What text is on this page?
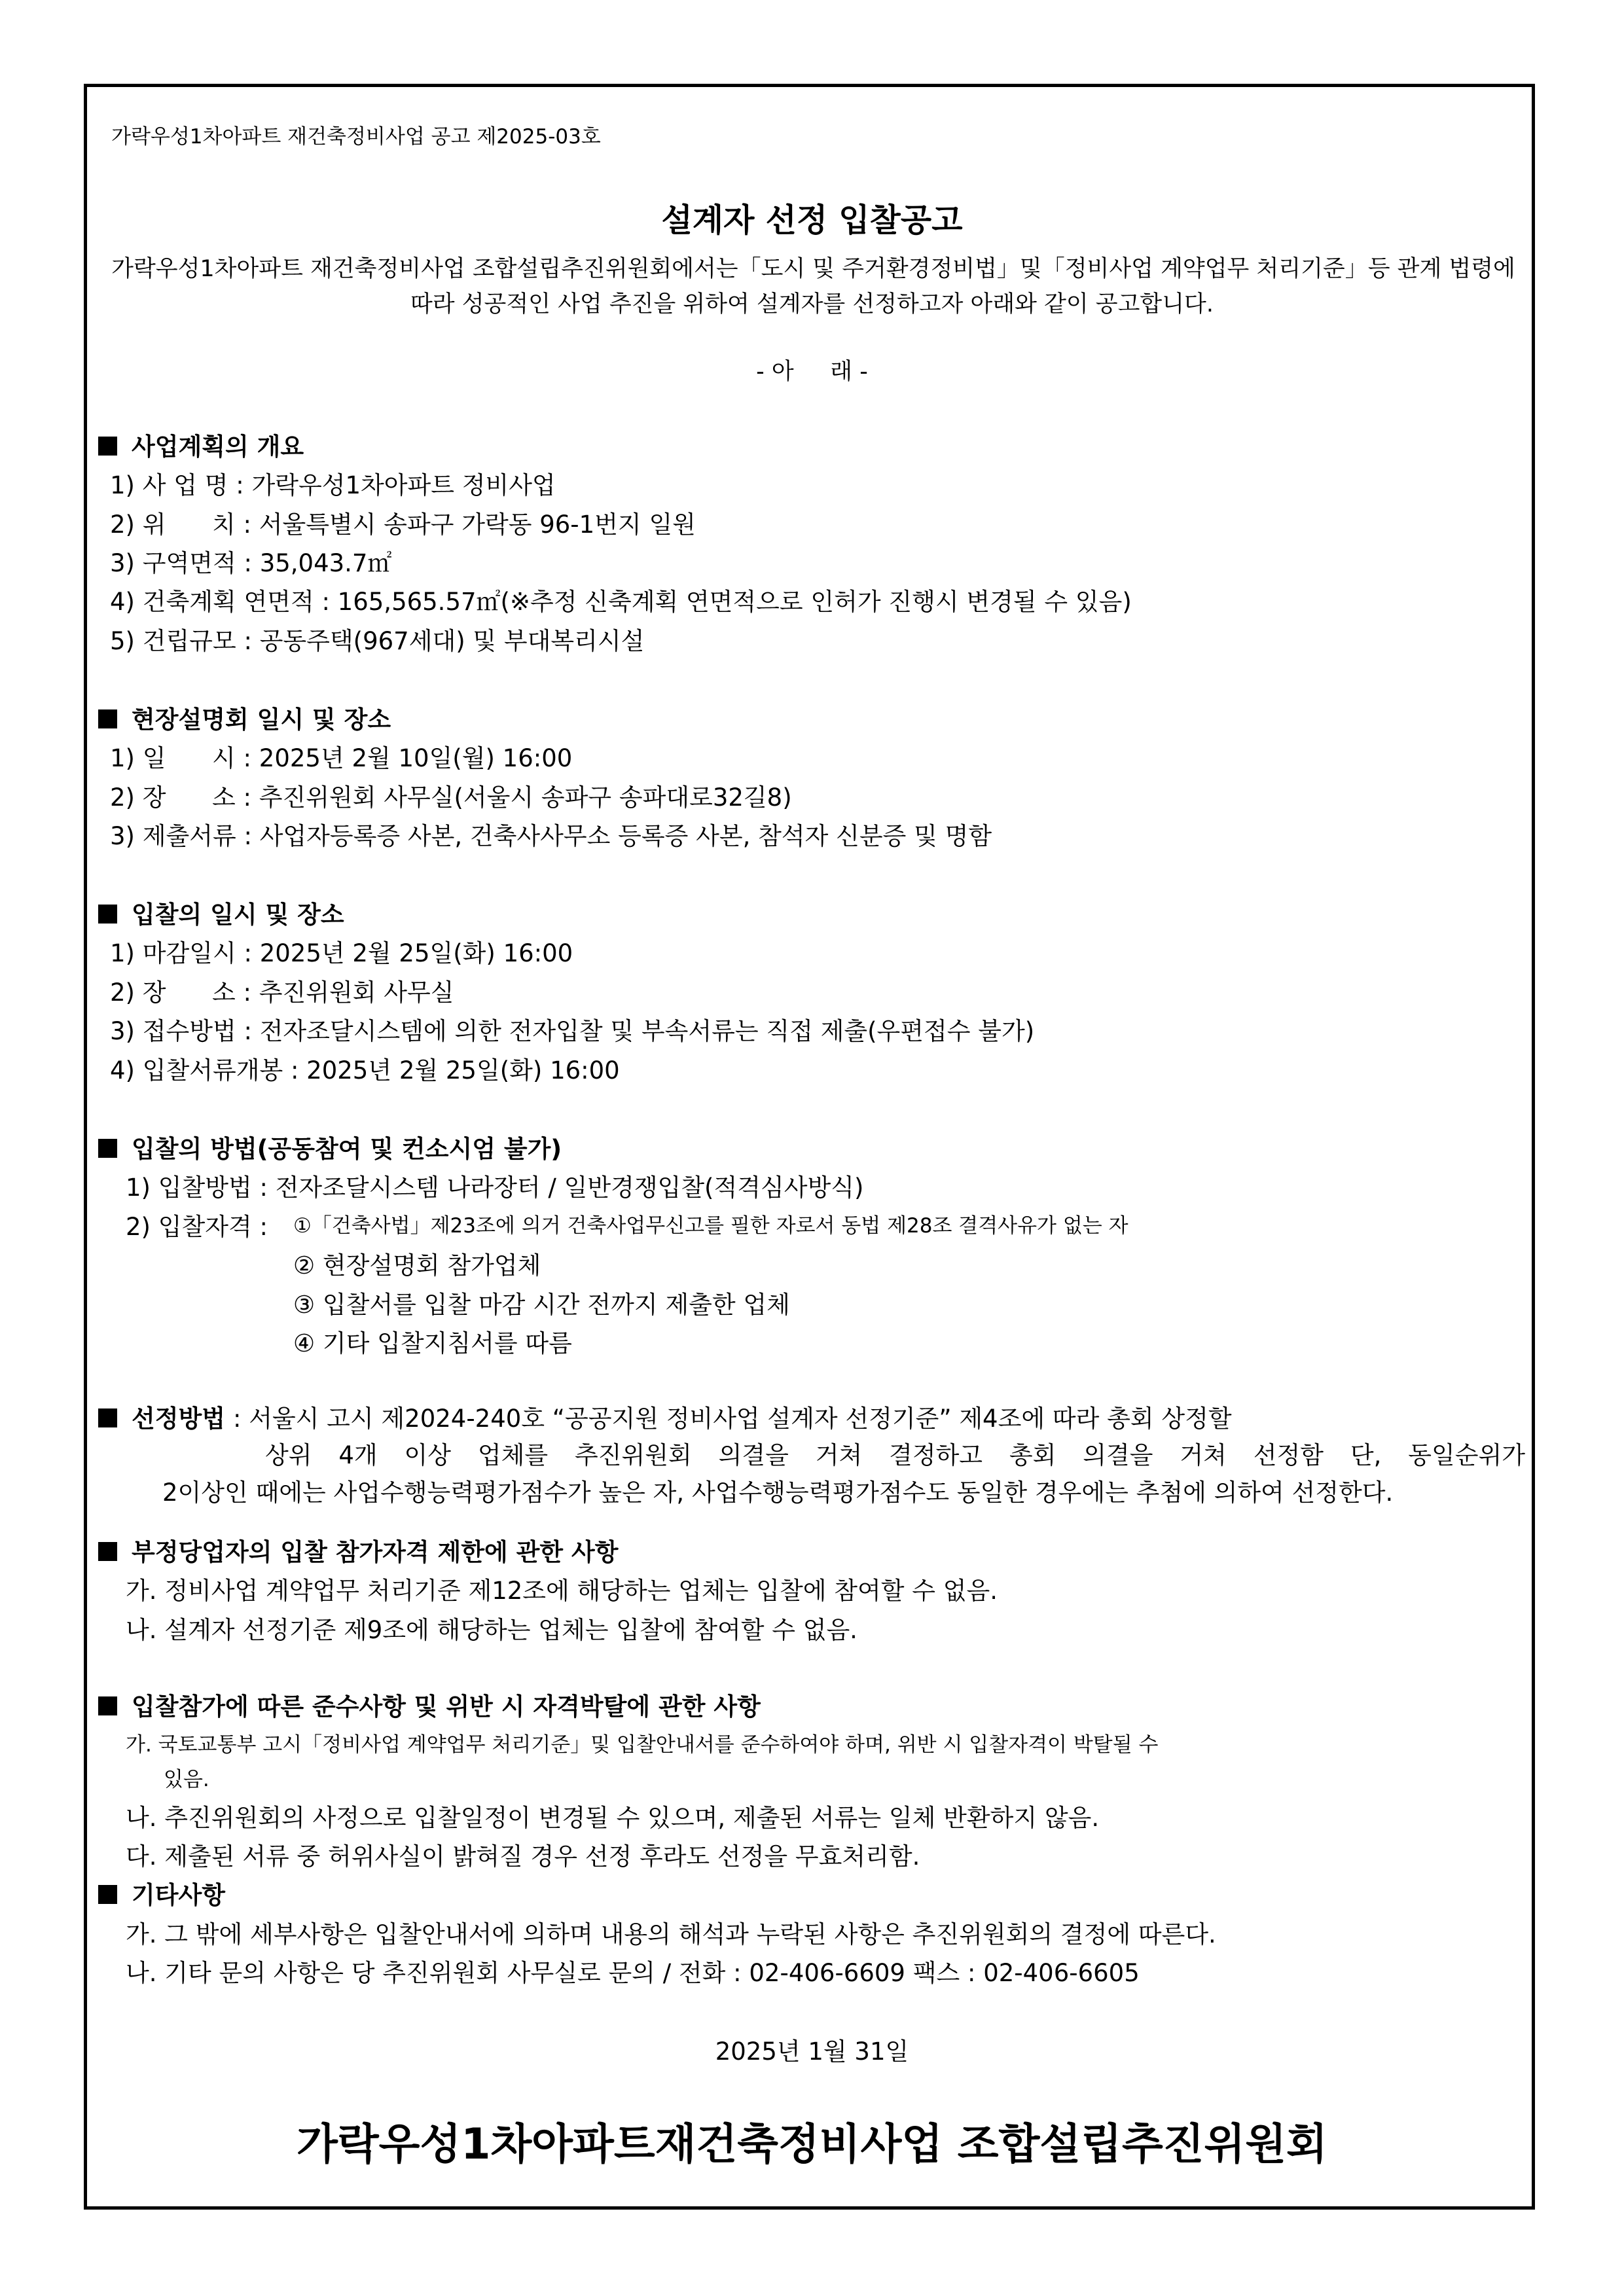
가락우성1차아파트 재건축정비사업 공고 제2025-03호
설계자 선정 입찰공고
가락우성1차아파트 재건축정비사업 조합설립추진위원회에서는「도시 및 주거환경정비법」및「정비사업 계약업무 처리기준」등 관계 법령에
따라 성공적인 사업 추진을 위하여 설계자를 선정하고자 아래와 같이 공고합니다.
- 아     래 -
사업계획의 개요
1) 사 업 명 : 가락우성1차아파트 정비사업
2) 위      치 : 서울특별시 송파구 가락동 96-1번지 일원
3) 구역면적 : 35,043.7㎡
4) 건축계획 연면적 : 165,565.57㎡(※추정 신축계획 연면적으로 인허가 진행시 변경될 수 있음)
5) 건립규모 : 공동주택(967세대) 및 부대복리시설
현장설명회 일시 및 장소
1) 일      시 : 2025년 2월 10일(월) 16:00
2) 장      소 : 추진위원회 사무실(서울시 송파구 송파대로32길8)
3) 제출서류 : 사업자등록증 사본, 건축사사무소 등록증 사본, 참석자 신분증 및 명함
입찰의 일시 및 장소
1) 마감일시 : 2025년 2월 25일(화) 16:00
2) 장      소 : 추진위원회 사무실
3) 접수방법 : 전자조달시스템에 의한 전자입찰 및 부속서류는 직접 제출(우편접수 불가)
4) 입찰서류개봉 : 2025년 2월 25일(화) 16:00
입찰의 방법(공동참여 및 컨소시엄 불가)
1) 입찰방법 : 전자조달시스템 나라장터 / 일반경쟁입찰(적격심사방식)
2) 입찰자격 : ①「건축사법」제23조에 의거 건축사업무신고를 필한 자로서 동법 제28조 결격사유가 없는 자
② 현장설명회 참가업체
③ 입찰서를 입찰 마감 시간 전까지 제출한 업체
④ 기타 입찰지침서를 따름
선정방법 : 서울시 고시 제2024-240호 “공공지원 정비사업 설계자 선정기준” 제4조에 따라 총회 상정할
상위 4개 이상 업체를 추진위원회 의결을 거쳐 결정하고 총회 의결을 거쳐 선정함 단, 동일순위가
2이상인 때에는 사업수행능력평가점수가 높은 자, 사업수행능력평가점수도 동일한 경우에는 추첨에 의하여 선정한다.
부정당업자의 입찰 참가자격 제한에 관한 사항
가. 정비사업 계약업무 처리기준 제12조에 해당하는 업체는 입찰에 참여할 수 없음.
나. 설계자 선정기준 제9조에 해당하는 업체는 입찰에 참여할 수 없음.
입찰참가에 따른 준수사항 및 위반 시 자격박탈에 관한 사항
가. 국토교통부 고시「정비사업 계약업무 처리기준」및 입찰안내서를 준수하여야 하며, 위반 시 입찰자격이 박탈될 수
있음.
나. 추진위원회의 사정으로 입찰일정이 변경될 수 있으며, 제출된 서류는 일체 반환하지 않음.
다. 제출된 서류 중 허위사실이 밝혀질 경우 선정 후라도 선정을 무효처리함.
기타사항
가. 그 밖에 세부사항은 입찰안내서에 의하며 내용의 해석과 누락된 사항은 추진위원회의 결정에 따른다.
나. 기타 문의 사항은 당 추진위원회 사무실로 문의 / 전화 : 02-406-6609 팩스 : 02-406-6605
2025년 1월 31일
가락우성1차아파트재건축정비사업 조합설립추진위원회
